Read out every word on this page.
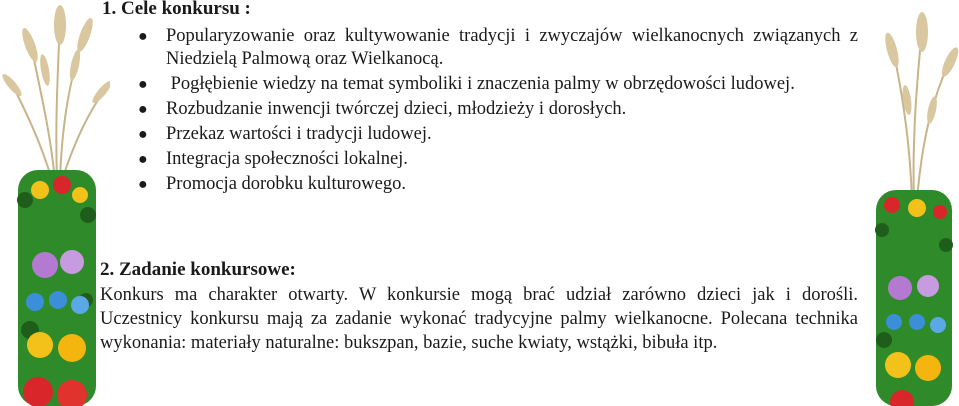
1. Cele konkursu :
● Popularyzowanie oraz kultywowanie tradycji i zwyczajów wielkanocnych związanych z Niedzielą Palmową oraz Wielkanocą.
● Pogłębienie wiedzy na temat symboliki i znaczenia palmy w obrzędowości ludowej.
● Rozbudzanie inwencji twórczej dzieci, młodzieży i dorosłych.
● Przekaz wartości i tradycji ludowej.
● Integracja społeczności lokalnej.
● Promocja dorobku kulturowego.
2. Zadanie konkursowe:
Konkurs ma charakter otwarty. W konkursie mogą brać udział zarówno dzieci jak i dorośli. Uczestnicy konkursu mają za zadanie wykonać tradycyjne palmy wielkanocne. Polecana technika wykonania: materiały naturalne: bukszpan, bazie, suche kwiaty, wstążki, bibuła itp.
